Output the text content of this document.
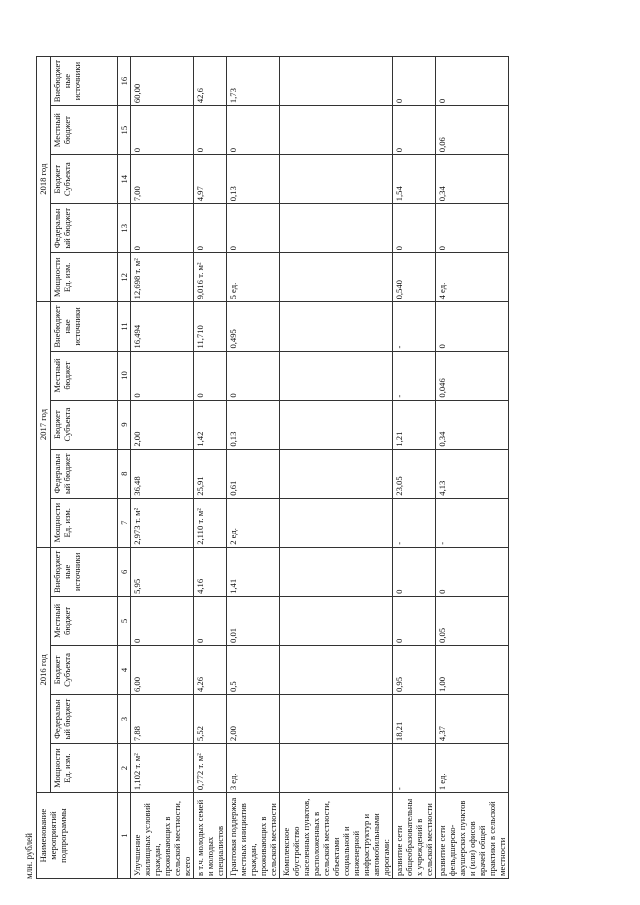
млн. рублей Наименование мероприятий подпрограммы	2016 год					2017 год					2018 год				
	Мощности Ед. изм.	Федеральный бюджет	Бюджет Субъекта	Местный бюджет	Внебюджетные источники	Мощности Ед. изм.	Федеральный бюджет	Бюджет Субъекта	Местный бюджет	Внебюджетные источники	Мощности Ед. изм.	Федеральный бюджет	Бюджет Субъекта	Местный бюджет	Внебюджетные источники
1	2	3	4	5	6	7	8	9	10	11	12	13	14	15	16
Улучшение жилищных условий граждан, проживающих в сельской местности, всего	1,102 т. м²	7,88	6,00	0	5,95	2,973 т. м²	36,48	2,00	0	16,494	12,698 т. м²	0	7,00	0	60,00
в т.ч. молодых семей и молодых специалистов	0,772 т. м²	5,52	4,26	0	4,16	2,110 т. м²	25,91	1,42	0	11,710	9,016 т. м²	0	4,97	0	42,6
Грантовая поддержка местных инициатив граждан, проживающих в сельской местности	3 ед.	2,00	0,5	0,01	1,41	2 ед.	0,61	0,13	0	0,495	5 ед.	0	0,13	0	1,73
Комплексное обустройство населенных пунктов, расположенных в сельской местности, объектами социальной и инженерной инфраструктур и автомобильными дорогами:															
развитие сети общеобразовательных учреждений в сельской местности	-	18,21	0,95	0	0	-	23,05	1,21	-	-	0,540	0	1,54	0	0
развитие сети фельдшерско-акушерских пунктов и (или) офисов врачей общей практики в сельской местности	1 ед.	4,37	1,00	0,05	0	-	4,13	0,34	0,046	0	4 ед.	0	0,34	0,06	0
